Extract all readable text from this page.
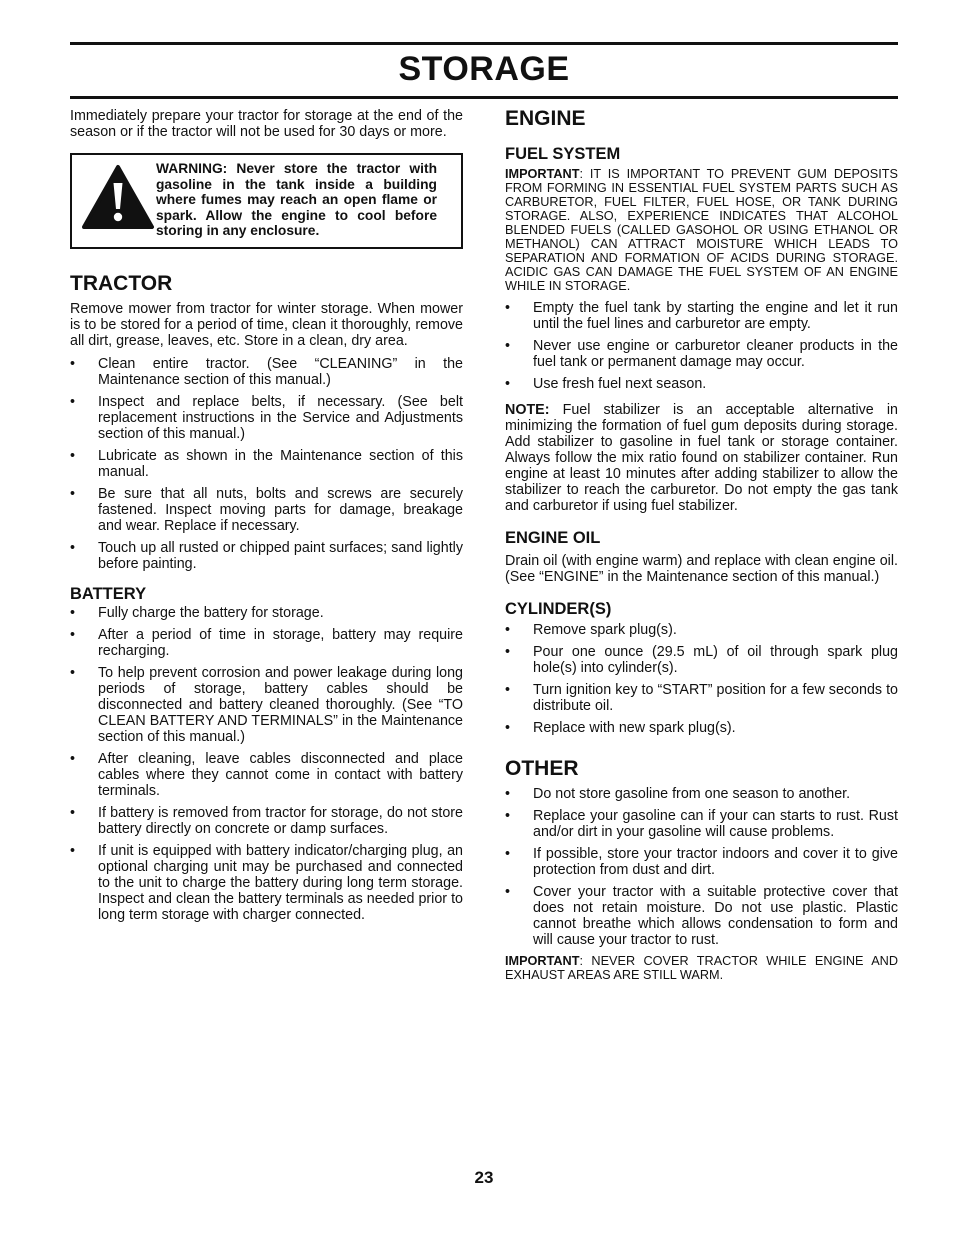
STORAGE

Immediately prepare your tractor for storage at the end of the season or if the tractor will not be used for 30 days or more.

WARNING: Never store the tractor with gasoline in the tank inside a building where fumes may reach an open flame or spark. Allow the engine to cool before storing in any enclosure.
TRACTOR

Remove mower from tractor for winter storage. When mower is to be stored for a period of time, clean it thoroughly, remove all dirt, grease, leaves, etc. Store in a clean, dry area.

• Clean entire tractor. (See “CLEANING” in the Maintenance section of this manual.)
• Inspect and replace belts, if necessary. (See belt replacement instructions in the Service and Adjustments section of this manual.)
• Lubricate as shown in the Maintenance section of this manual.
• Be sure that all nuts, bolts and screws are securely fastened. Inspect moving parts for damage, breakage and wear. Replace if necessary.
• Touch up all rusted or chipped paint surfaces; sand lightly before painting.
BATTERY
• Fully charge the battery for storage.
• After a period of time in storage, battery may require recharging.
• To help prevent corrosion and power leakage during long periods of storage, battery cables should be disconnected and battery cleaned thoroughly. (See “TO CLEAN BATTERY AND TERMINALS” in the Maintenance section of this manual.)
• After cleaning, leave cables disconnected and place cables where they cannot come in contact with battery terminals.
• If battery is removed from tractor for storage, do not store battery directly on concrete or damp surfaces.
• If unit is equipped with battery indicator/charging plug, an optional charging unit may be purchased and connected to the unit to charge the battery during long term storage. Inspect and clean the battery terminals as needed prior to long term storage with charger connected.
ENGINE
FUEL SYSTEM

IMPORTANT: IT IS IMPORTANT TO PREVENT GUM DEPOSITS FROM FORMING IN ESSENTIAL FUEL SYSTEM PARTS SUCH AS CARBURETOR, FUEL FILTER, FUEL HOSE, OR TANK DURING STORAGE. ALSO, EXPERIENCE INDICATES THAT ALCOHOL BLENDED FUELS (CALLED GASOHOL OR USING ETHANOL OR METHANOL) CAN ATTRACT MOISTURE WHICH LEADS TO SEPARATION AND FORMATION OF ACIDS DURING STORAGE. ACIDIC GAS CAN DAMAGE THE FUEL SYSTEM OF AN ENGINE WHILE IN STORAGE.

• Empty the fuel tank by starting the engine and let it run until the fuel lines and carburetor are empty.
• Never use engine or carburetor cleaner products in the fuel tank or permanent damage may occur.
• Use fresh fuel next season.

NOTE: Fuel stabilizer is an acceptable alternative in minimizing the formation of fuel gum deposits during storage. Add stabilizer to gasoline in fuel tank or storage container. Always follow the mix ratio found on stabilizer container. Run engine at least 10 minutes after adding stabilizer to allow the stabilizer to reach the carburetor. Do not empty the gas tank and carburetor if using fuel stabilizer.

ENGINE OIL

Drain oil (with engine warm) and replace with clean engine oil. (See “ENGINE” in the Maintenance section of this manual.)

CYLINDER(S)
• Remove spark plug(s).
• Pour one ounce (29.5 mL) of oil through spark plug hole(s) into cylinder(s).
• Turn ignition key to “START” position for a few seconds to distribute oil.
• Replace with new spark plug(s).
OTHER
• Do not store gasoline from one season to another.
• Replace your gasoline can if your can starts to rust. Rust and/or dirt in your gasoline will cause problems.
• If possible, store your tractor indoors and cover it to give protection from dust and dirt.
• Cover your tractor with a suitable protective cover that does not retain moisture. Do not use plastic. Plastic cannot breathe which allows condensation to form and will cause your tractor to rust.

IMPORTANT: NEVER COVER TRACTOR WHILE ENGINE AND EXHAUST AREAS ARE STILL WARM.

23
